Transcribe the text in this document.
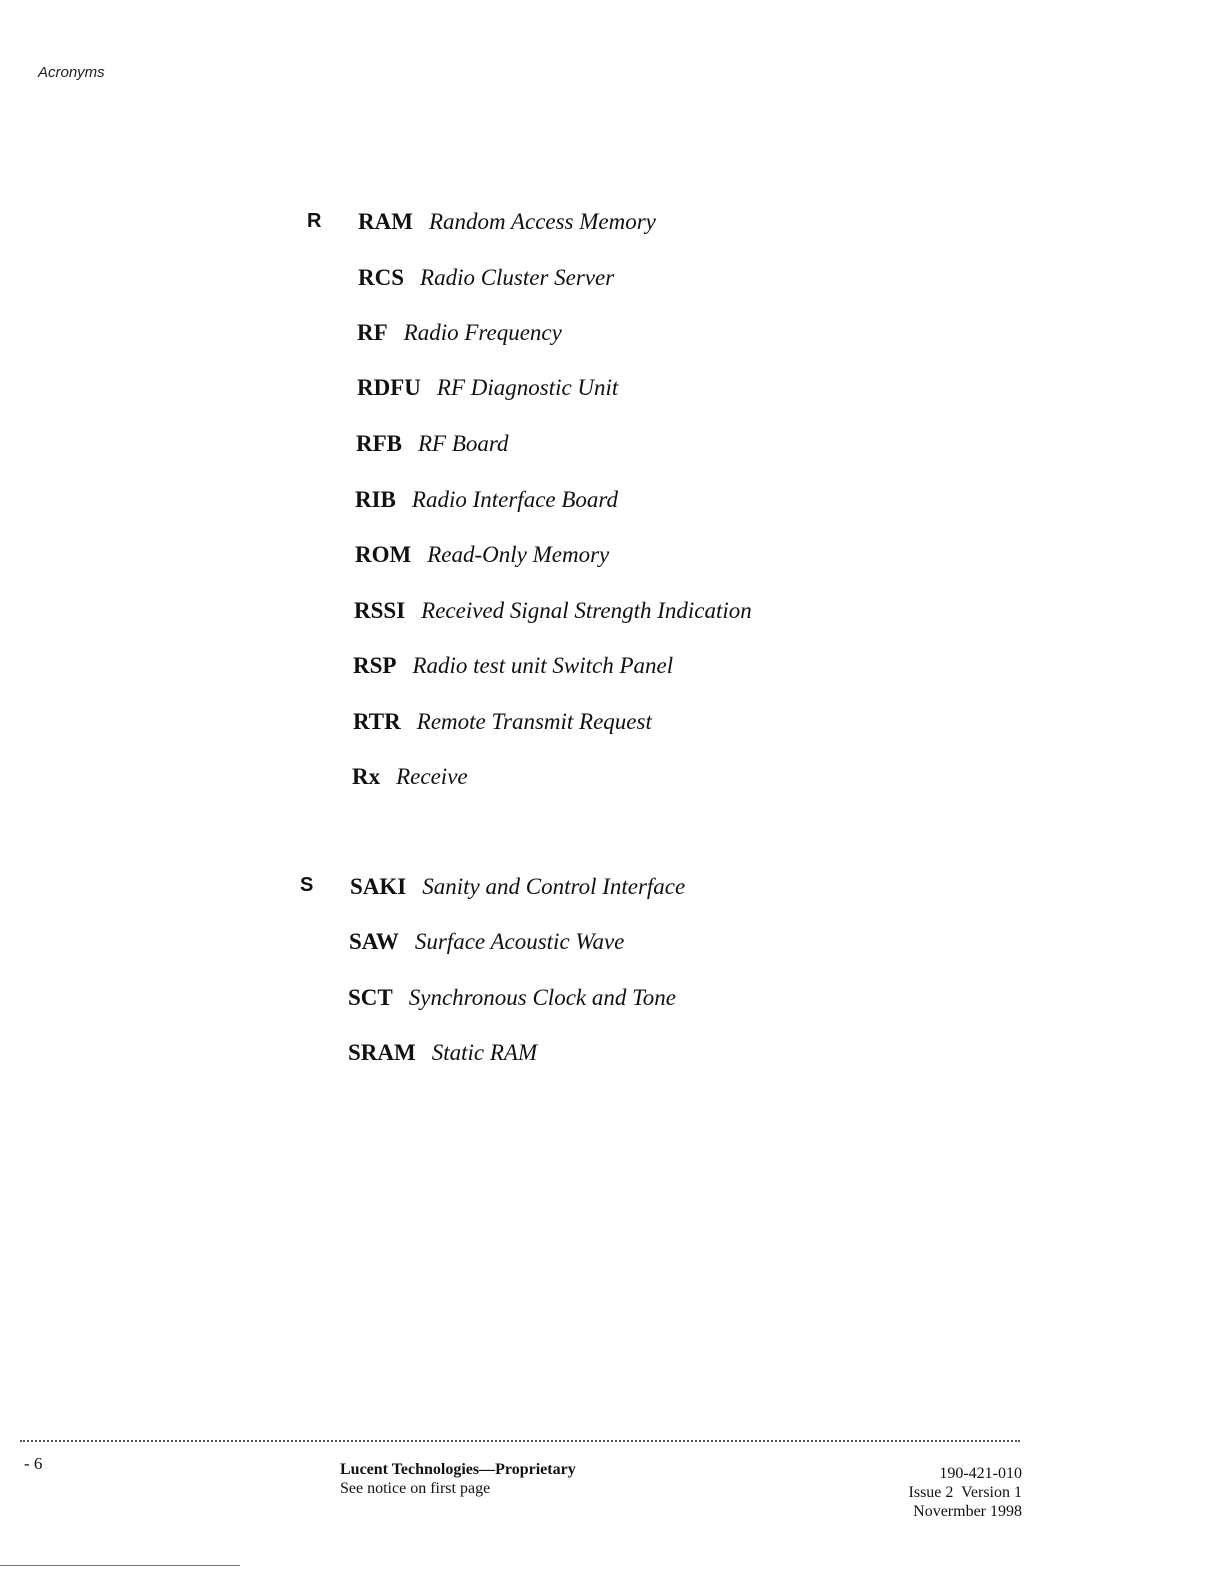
Acronyms
R RAM Random Access Memory
RCS Radio Cluster Server
RF Radio Frequency
RDFU RF Diagnostic Unit
RFB RF Board
RIB Radio Interface Board
ROM Read-Only Memory
RSSI Received Signal Strength Indication
RSP Radio test unit Switch Panel
RTR Remote Transmit Request
Rx Receive
S SAKI Sanity and Control Interface
SAW Surface Acoustic Wave
SCT Synchronous Clock and Tone
SRAM Static RAM
- 6	Lucent Technologies—Proprietary
See notice on first page
190-421-010
Issue 2  Version 1
Novermber 1998
